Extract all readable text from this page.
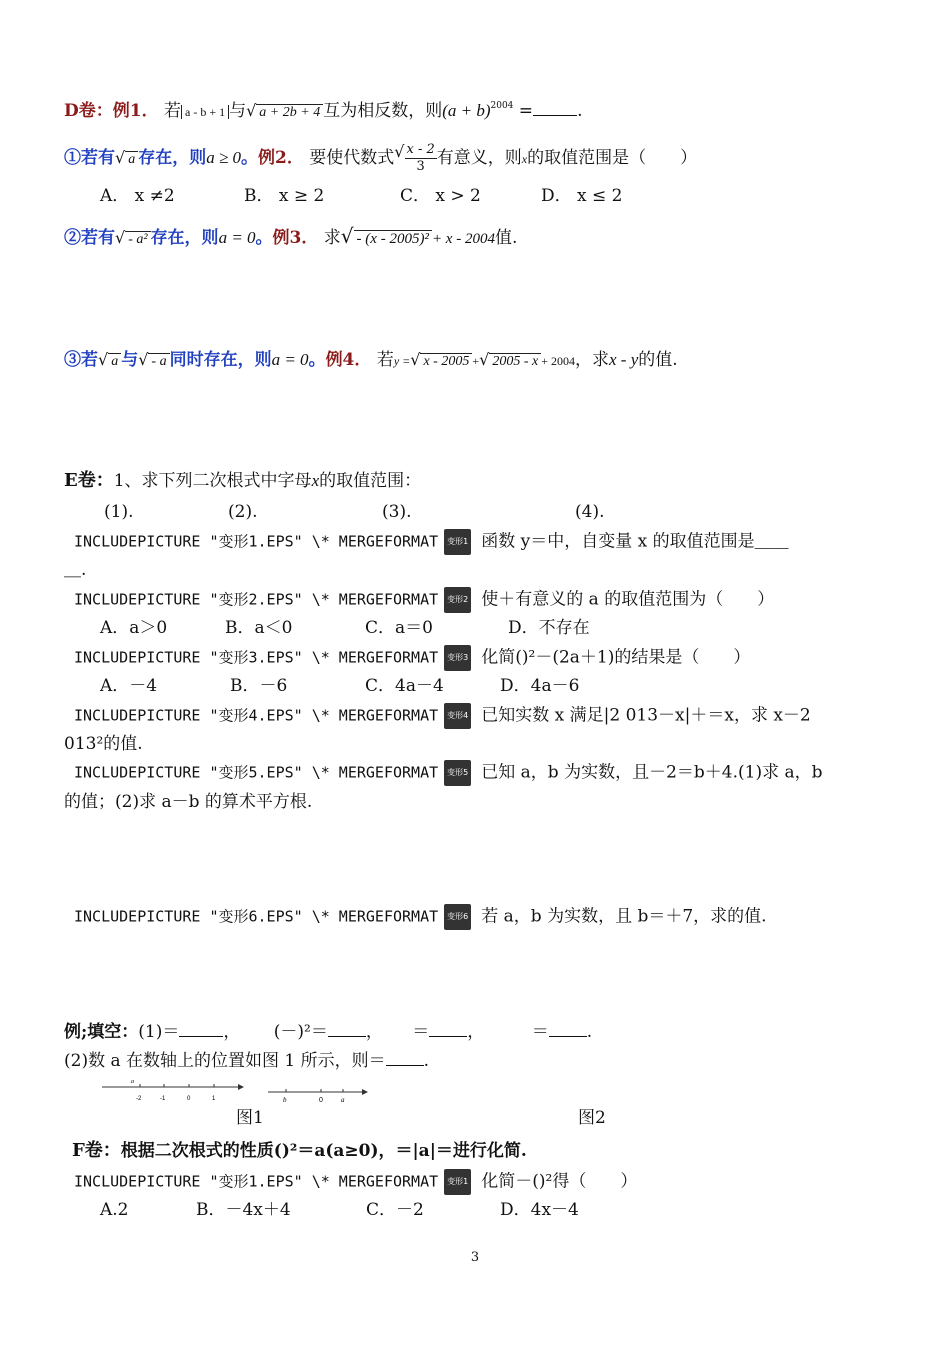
D卷：例1． 若 a - b + 1 与√ a + 2b + 4 互为相反数，则$(a + b)^{2004}$ =	.
①若有√ a 存在，则a ≥ 0。例2． 要使代数式√ $\frac{x - 2}{3}$ 有意义，则x的取值范围是（　　）
A． x ≠2	B． x ≥ 2	C． x > 2	D． x ≤ 2
②若有√ - a² 存在，则a = 0。例3． 求√ - (x - 2005)² + x - 2004值.
③若√ a 与√ - a 同时存在，则a = 0。例4． 若y =√ x - 2005 +√ 2005 - x + 2004，求x - y的值.
E卷：1、求下列二次根式中字母x的取值范围：
(1).	(2).	(3).	(4).
INCLUDEPICTURE "变形1.EPS" \* MERGEFORMAT 变形1 函数 y＝中，自变量 x 的取值范围是＿＿
＿.
INCLUDEPICTURE "变形2.EPS" \* MERGEFORMAT 变形2 使＋有意义的 a 的取值范围为（　　）
A．a＞0	B．a＜0	C．a＝0	D．不存在
INCLUDEPICTURE "变形3.EPS" \* MERGEFORMAT 变形3 化简()²－(2a＋1)的结果是（　　）
A．－4	B．－6	C．4a－4	D．4a－6
INCLUDEPICTURE "变形4.EPS" \* MERGEFORMAT 变形4 已知实数 x 满足|2 013－x|＋＝x，求 x－2
013²的值.
INCLUDEPICTURE "变形5.EPS" \* MERGEFORMAT 变形5 已知 a，b 为实数，且－2＝b＋4.(1)求 a，b
的值；(2)求 a－b 的算术平方根.
INCLUDEPICTURE "变形6.EPS" \* MERGEFORMAT 变形6 若 a，b 为实数，且 b＝＋7，求的值.
例;填空：(1)＝	， (－)²＝ ， ＝ ，	＝ .
(2)数 a 在数轴上的位置如图 1 所示，则＝ .
a
-2	-1	0	1	b	0	a
图1	图2
F卷：根据二次根式的性质()²＝a(a≥0)，＝|a|＝进行化简.
INCLUDEPICTURE "变形1.EPS" \* MERGEFORMAT 变形1 化简－()²得（　　）
A.2	B．－4x＋4	C．－2	D．4x－4
3
